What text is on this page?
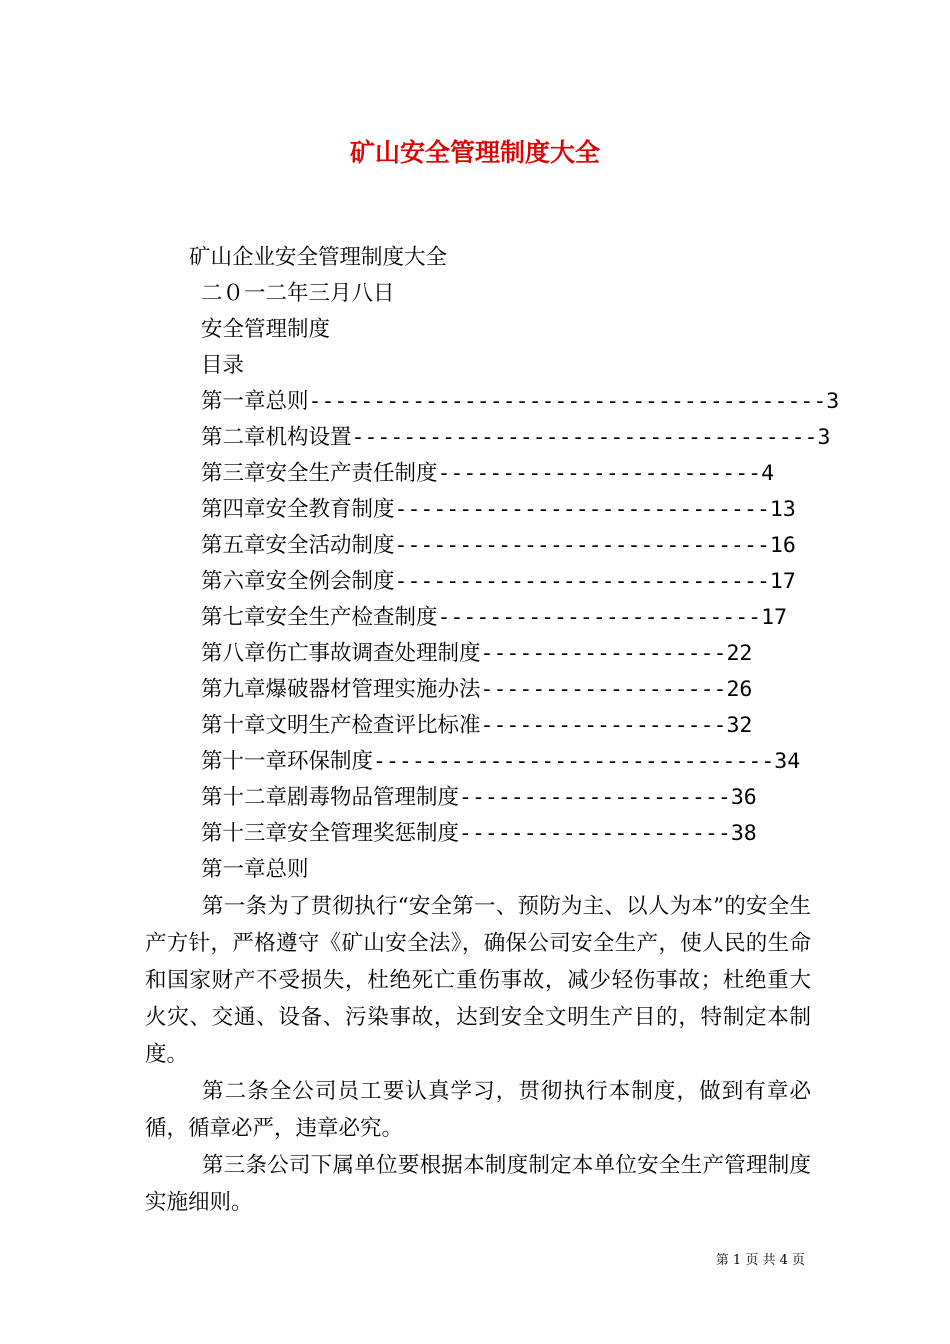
矿山安全管理制度大全
矿山企业安全管理制度大全
二０一二年三月八日
安全管理制度
目录
第一章总则----------------------------------------3
第二章机构设置------------------------------------3
第三章安全生产责任制度-------------------------4
第四章安全教育制度-----------------------------13
第五章安全活动制度-----------------------------16
第六章安全例会制度-----------------------------17
第七章安全生产检查制度-------------------------17
第八章伤亡事故调查处理制度-------------------22
第九章爆破器材管理实施办法-------------------26
第十章文明生产检查评比标准-------------------32
第十一章环保制度-------------------------------34
第十二章剧毒物品管理制度---------------------36
第十三章安全管理奖惩制度---------------------38
第一章总则
第一条为了贯彻执行“安全第一、预防为主、以人为本”的安全生产方针，严格遵守《矿山安全法》，确保公司安全生产，使人民的生命和国家财产不受损失，杜绝死亡重伤事故，减少轻伤事故；杜绝重大火灾、交通、设备、污染事故，达到安全文明生产目的，特制定本制度。
第二条全公司员工要认真学习，贯彻执行本制度，做到有章必循，循章必严，违章必究。
第三条公司下属单位要根据本制度制定本单位安全生产管理制度实施细则。
第 1 页 共 4 页
